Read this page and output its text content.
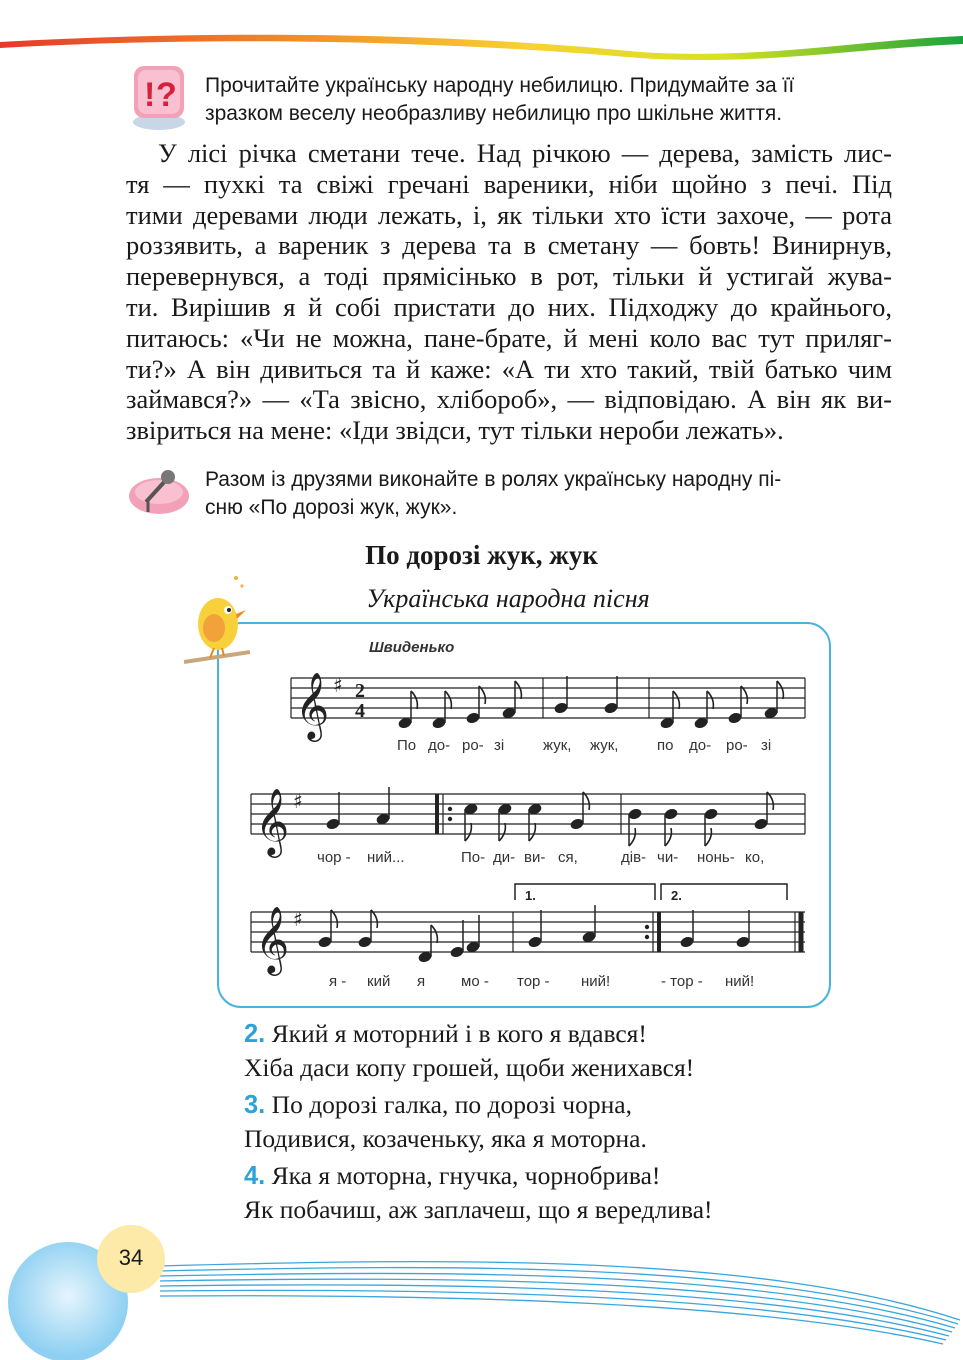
! ? Прочитайте українську народну небилицю. Придумайте за її
зразком веселу необразливу небилицю про шкільне життя.
У лісі річка сметани тече. Над річкою — дерева, замість лис-
тя — пухкі та свіжі гречані вареники, ніби щойно з печі. Під
тими деревами люди лежать, і, як тільки хто їсти захоче, — рота
роззявить, а вареник з дерева та в сметану — бовть! Винирнув,
перевернувся, а тоді прямісінько в рот, тільки й устигай жува-
ти. Вирішив я й собі пристати до них. Підходжу до крайнього,
питаюсь: «Чи не можна, пане-брате, й мені коло вас тут приляг-
ти?» А він дивиться та й каже: «А ти хто такий, твій батько чим
займався?» — «Та звісно, хлібороб», — відповідаю. А він як ви-
звіриться на мене: «Іди звідси, тут тільки нероби лежать».
Разом із друзями виконайте в ролях українську народну пі-
сню «По дорозі жук, жук».
По дорозі жук, жук
Українська народна пісня
Швиденько
𝄞 ♯ 2
4
𝄞 ♯
𝄞 ♯
1.	2.
По до- ро- зі	жук, жук,	по до- ро- зі
чор - ний...	По- ди- ви- ся,	дів- чи- нонь- ко,
я - кий я мо - тор - ний!	- тор - ний!
2. Який я моторний і в кого я вдався!
Хіба даси копу грошей, щоби женихався!
3. По дорозі галка, по дорозі чорна,
Подивися, козаченьку, яка я моторна.
4. Яка я моторна, гнучка, чорнобрива!
Як побачиш, аж заплачеш, що я вередлива!
34
